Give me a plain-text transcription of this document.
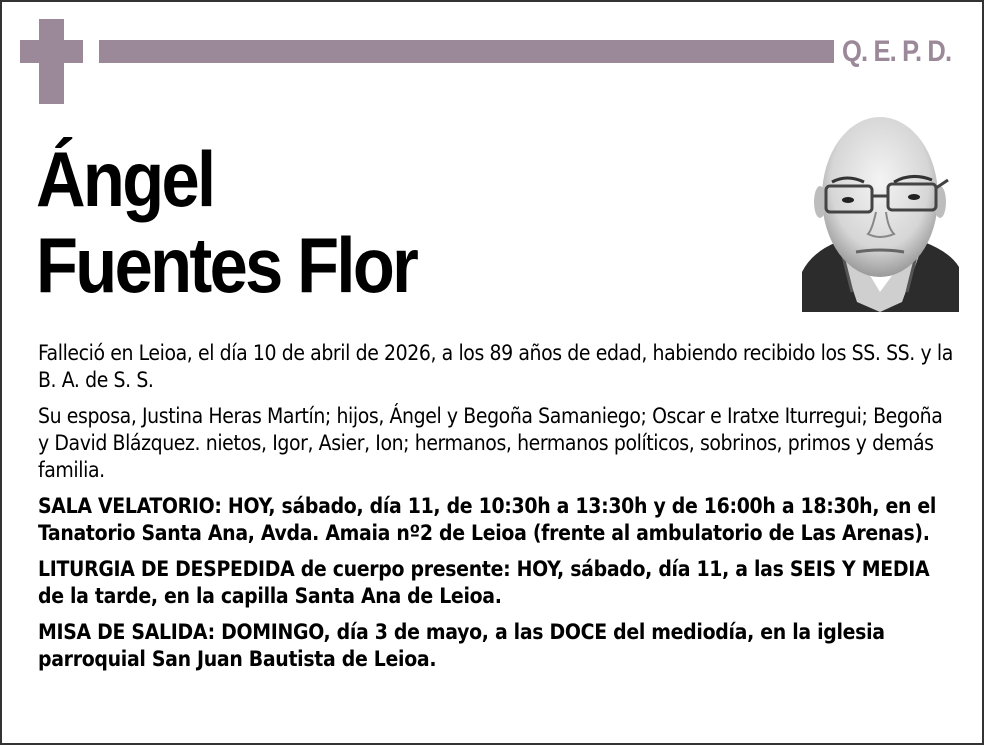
Q. E. P. D.
Ángel
Fuentes Flor

Falleció en Leioa, el día 10 de abril de 2026, a los 89 años de edad, habiendo recibido los SS. SS. y la B. A. de S. S.

Su esposa, Justina Heras Martín; hijos, Ángel y Begoña Samaniego; Oscar e Iratxe Iturregui; Begoña y David Blázquez. nietos, Igor, Asier, Ion; hermanos, hermanos políticos, sobrinos, primos y demás familia.

SALA VELATORIO: HOY, sábado, día 11, de 10:30h a 13:30h y de 16:00h a 18:30h, en el Tanatorio Santa Ana, Avda. Amaia nº2 de Leioa (frente al ambulatorio de Las Arenas).

LITURGIA DE DESPEDIDA de cuerpo presente: HOY, sábado, día 11, a las SEIS Y MEDIA de la tarde, en la capilla Santa Ana de Leioa.

MISA DE SALIDA: DOMINGO, día 3 de mayo, a las DOCE del mediodía, en la iglesia parroquial San Juan Bautista de Leioa.
